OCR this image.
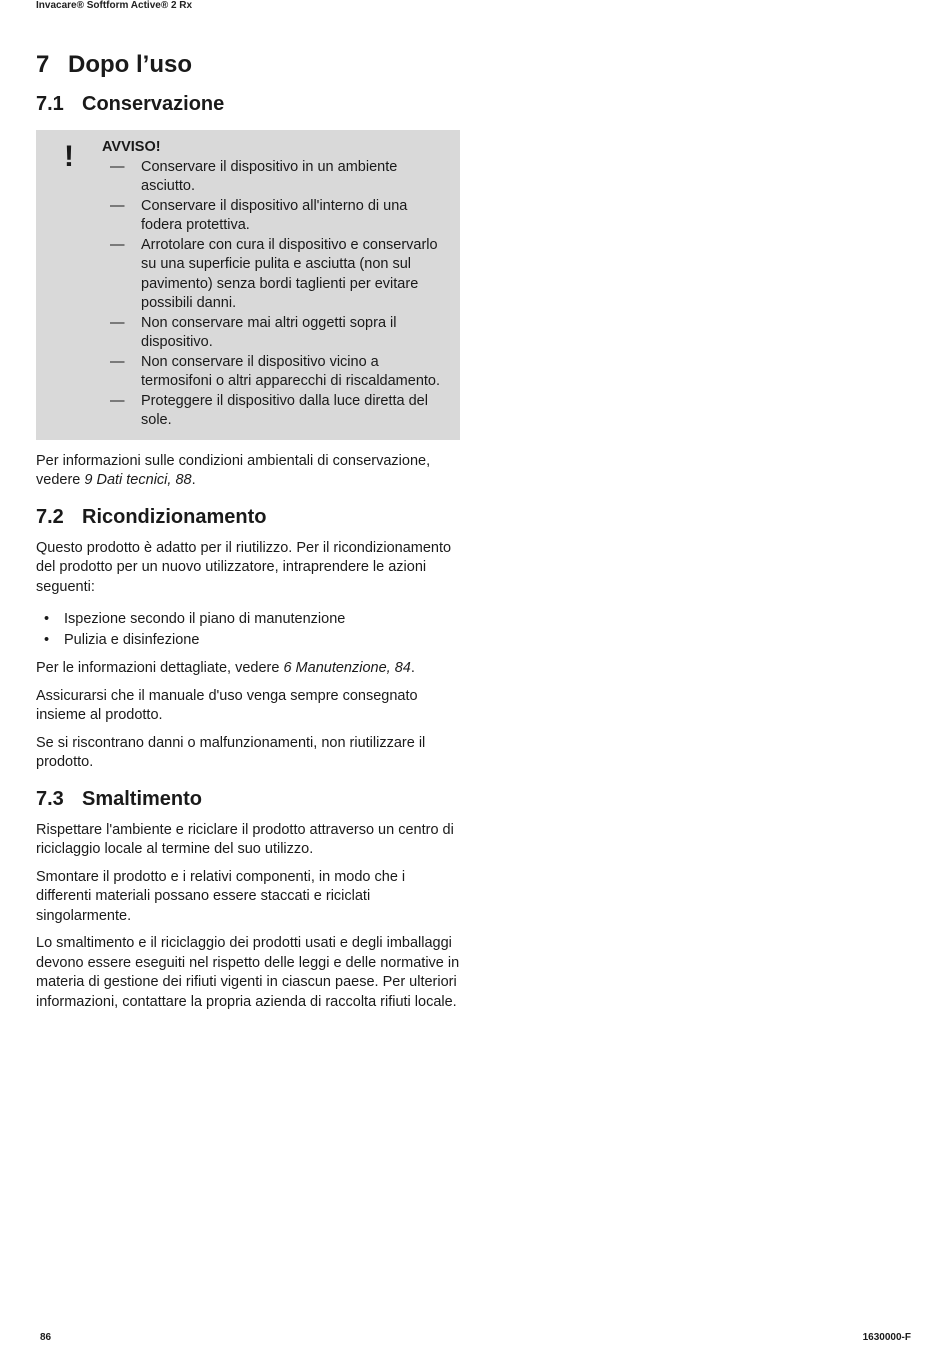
Invacare® Softform Active® 2 Rx
7 Dopo l’uso
7.1 Conservazione
!	AVVISO!
—	Conservare il dispositivo in un ambiente asciutto.
—	Conservare il dispositivo all'interno di una fodera protettiva.
—	Arrotolare con cura il dispositivo e conservarlo su una superficie pulita e asciutta (non sul pavimento) senza bordi taglienti per evitare possibili danni.
—	Non conservare mai altri oggetti sopra il dispositivo.
—	Non conservare il dispositivo vicino a termosifoni o altri apparecchi di riscaldamento.
—	Proteggere il dispositivo dalla luce diretta del sole.

Per informazioni sulle condizioni ambientali di conservazione, vedere 9 Dati tecnici, 88.

7.2 Ricondizionamento

Questo prodotto è adatto per il riutilizzo. Per il ricondizionamento del prodotto per un nuovo utilizzatore, intraprendere le azioni seguenti:

• Ispezione secondo il piano di manutenzione
• Pulizia e disinfezione

Per le informazioni dettagliate, vedere 6 Manutenzione, 84.

Assicurarsi che il manuale d'uso venga sempre consegnato insieme al prodotto.

Se si riscontrano danni o malfunzionamenti, non riutilizzare il prodotto.

7.3 Smaltimento

Rispettare l'ambiente e riciclare il prodotto attraverso un centro di riciclaggio locale al termine del suo utilizzo.

Smontare il prodotto e i relativi componenti, in modo che i differenti materiali possano essere staccati e riciclati singolarmente.

Lo smaltimento e il riciclaggio dei prodotti usati e degli imballaggi devono essere eseguiti nel rispetto delle leggi e delle normative in materia di gestione dei rifiuti vigenti in ciascun paese. Per ulteriori informazioni, contattare la propria azienda di raccolta rifiuti locale.

86	1630000-F
